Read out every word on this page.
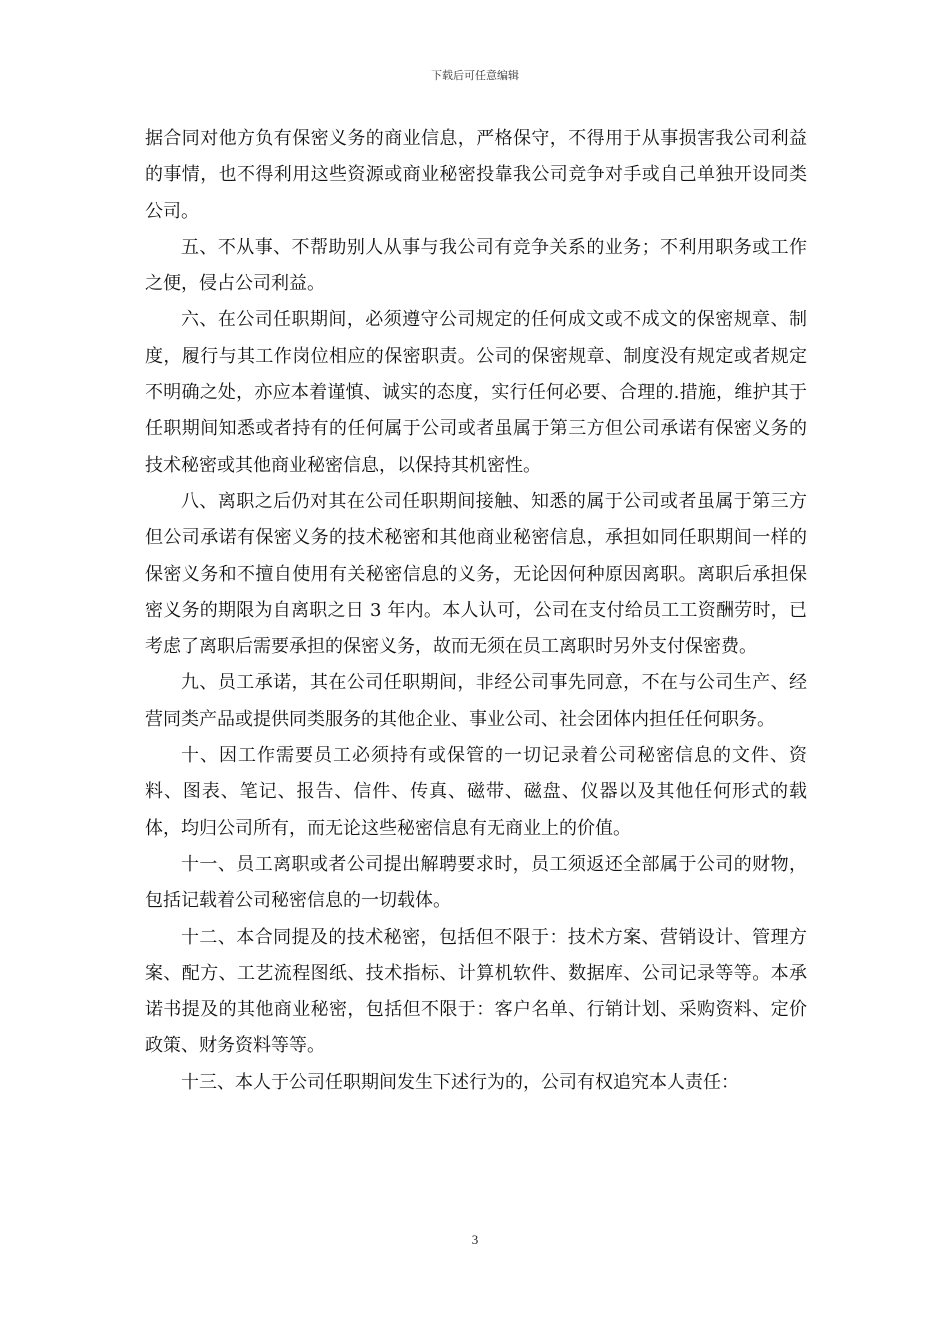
下载后可任意编辑

据合同对他方负有保密义务的商业信息，严格保守，不得用于从事损害我公司利益的事情，也不得利用这些资源或商业秘密投靠我公司竞争对手或自己单独开设同类公司。

五、不从事、不帮助别人从事与我公司有竞争关系的业务；不利用职务或工作之便，侵占公司利益。

六、在公司任职期间，必须遵守公司规定的任何成文或不成文的保密规章、制度，履行与其工作岗位相应的保密职责。公司的保密规章、制度没有规定或者规定不明确之处，亦应本着谨慎、诚实的态度，实行任何必要、合理的.措施，维护其于任职期间知悉或者持有的任何属于公司或者虽属于第三方但公司承诺有保密义务的技术秘密或其他商业秘密信息，以保持其机密性。

八、离职之后仍对其在公司任职期间接触、知悉的属于公司或者虽属于第三方但公司承诺有保密义务的技术秘密和其他商业秘密信息，承担如同任职期间一样的保密义务和不擅自使用有关秘密信息的义务，无论因何种原因离职。离职后承担保密义务的期限为自离职之日 3 年内。本人认可，公司在支付给员工工资酬劳时，已考虑了离职后需要承担的保密义务，故而无须在员工离职时另外支付保密费。

九、员工承诺，其在公司任职期间，非经公司事先同意，不在与公司生产、经营同类产品或提供同类服务的其他企业、事业公司、社会团体内担任任何职务。

十、因工作需要员工必须持有或保管的一切记录着公司秘密信息的文件、资料、图表、笔记、报告、信件、传真、磁带、磁盘、仪器以及其他任何形式的载体，均归公司所有，而无论这些秘密信息有无商业上的价值。

十一、员工离职或者公司提出解聘要求时，员工须返还全部属于公司的财物，包括记载着公司秘密信息的一切载体。

十二、本合同提及的技术秘密，包括但不限于：技术方案、营销设计、管理方案、配方、工艺流程图纸、技术指标、计算机软件、数据库、公司记录等等。本承诺书提及的其他商业秘密，包括但不限于：客户名单、行销计划、采购资料、定价政策、财务资料等等。

十三、本人于公司任职期间发生下述行为的，公司有权追究本人责任：

3
